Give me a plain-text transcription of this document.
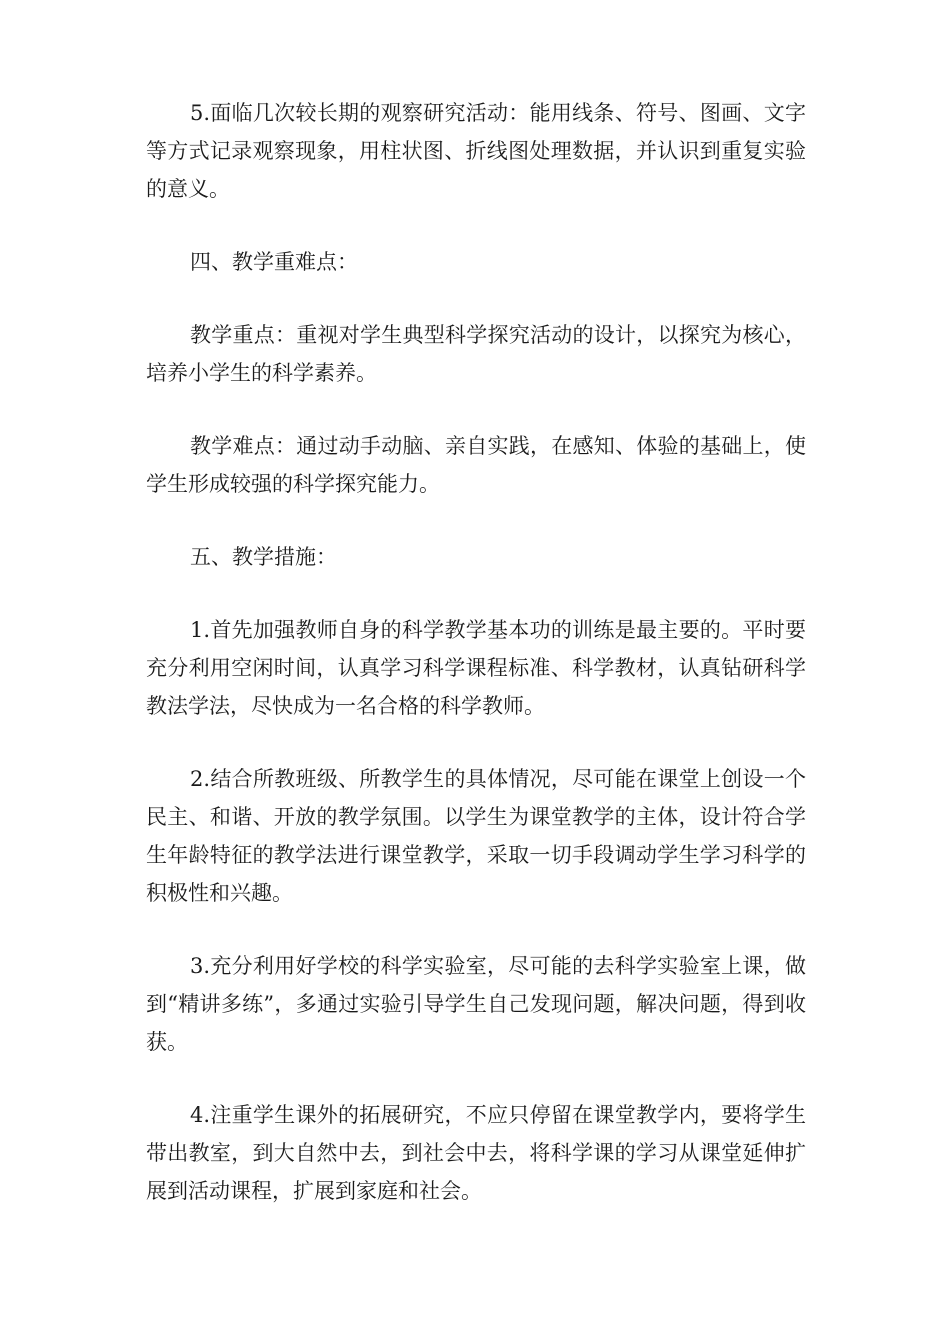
5.面临几次较长期的观察研究活动：能用线条、符号、图画、文字等方式记录观察现象，用柱状图、折线图处理数据，并认识到重复实验的意义。

四、教学重难点：

教学重点：重视对学生典型科学探究活动的设计，以探究为核心，培养小学生的科学素养。

教学难点：通过动手动脑、亲自实践，在感知、体验的基础上，使学生形成较强的科学探究能力。

五、教学措施：

1.首先加强教师自身的科学教学基本功的训练是最主要的。平时要充分利用空闲时间，认真学习科学课程标准、科学教材，认真钻研科学教法学法，尽快成为一名合格的科学教师。

2.结合所教班级、所教学生的具体情况，尽可能在课堂上创设一个民主、和谐、开放的教学氛围。以学生为课堂教学的主体，设计符合学生年龄特征的教学法进行课堂教学，采取一切手段调动学生学习科学的积极性和兴趣。

3.充分利用好学校的科学实验室，尽可能的去科学实验室上课，做到“精讲多练”，多通过实验引导学生自己发现问题，解决问题，得到收获。

4.注重学生课外的拓展研究，不应只停留在课堂教学内，要将学生带出教室，到大自然中去，到社会中去，将科学课的学习从课堂延伸扩展到活动课程，扩展到家庭和社会。
